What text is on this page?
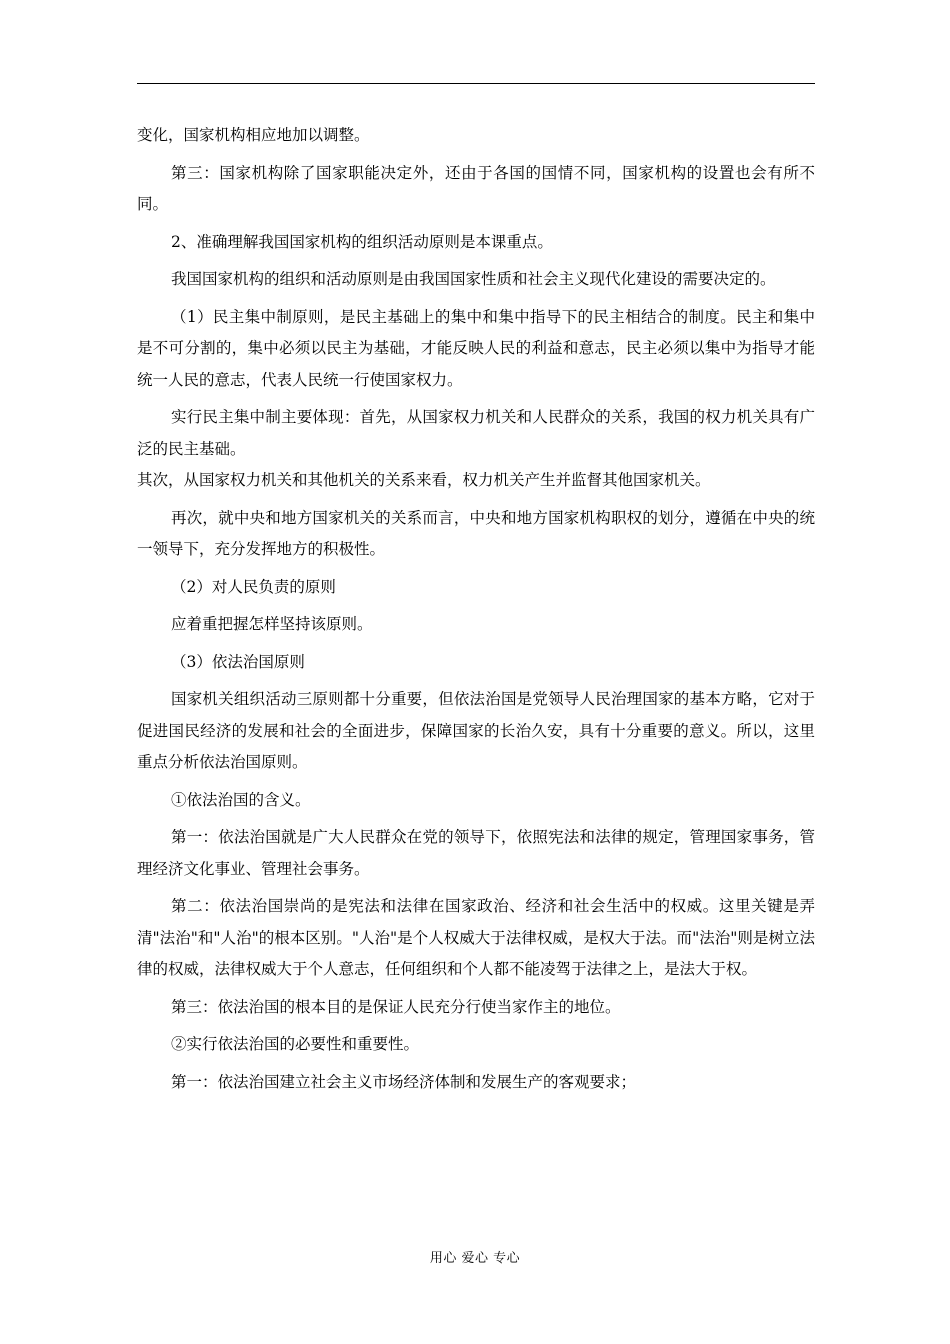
变化，国家机构相应地加以调整。

第三：国家机构除了国家职能决定外，还由于各国的国情不同，国家机构的设置也会有所不同。

2、准确理解我国国家机构的组织活动原则是本课重点。

我国国家机构的组织和活动原则是由我国国家性质和社会主义现代化建设的需要决定的。

（1）民主集中制原则，是民主基础上的集中和集中指导下的民主相结合的制度。民主和集中是不可分割的，集中必须以民主为基础，才能反映人民的利益和意志，民主必须以集中为指导才能统一人民的意志，代表人民统一行使国家权力。

实行民主集中制主要体现：首先，从国家权力机关和人民群众的关系，我国的权力机关具有广泛的民主基础。

其次，从国家权力机关和其他机关的关系来看，权力机关产生并监督其他国家机关。

再次，就中央和地方国家机关的关系而言，中央和地方国家机构职权的划分，遵循在中央的统一领导下，充分发挥地方的积极性。

（2）对人民负责的原则

应着重把握怎样坚持该原则。

（3）依法治国原则

国家机关组织活动三原则都十分重要，但依法治国是党领导人民治理国家的基本方略，它对于促进国民经济的发展和社会的全面进步，保障国家的长治久安，具有十分重要的意义。所以，这里重点分析依法治国原则。

①依法治国的含义。

第一：依法治国就是广大人民群众在党的领导下，依照宪法和法律的规定，管理国家事务，管理经济文化事业、管理社会事务。

第二：依法治国崇尚的是宪法和法律在国家政治、经济和社会生活中的权威。这里关键是弄清"法治"和"人治"的根本区别。"人治"是个人权威大于法律权威，是权大于法。而"法治"则是树立法律的权威，法律权威大于个人意志，任何组织和个人都不能凌驾于法律之上，是法大于权。

第三：依法治国的根本目的是保证人民充分行使当家作主的地位。

②实行依法治国的必要性和重要性。

第一：依法治国建立社会主义市场经济体制和发展生产的客观要求；

用心 爱心 专心
